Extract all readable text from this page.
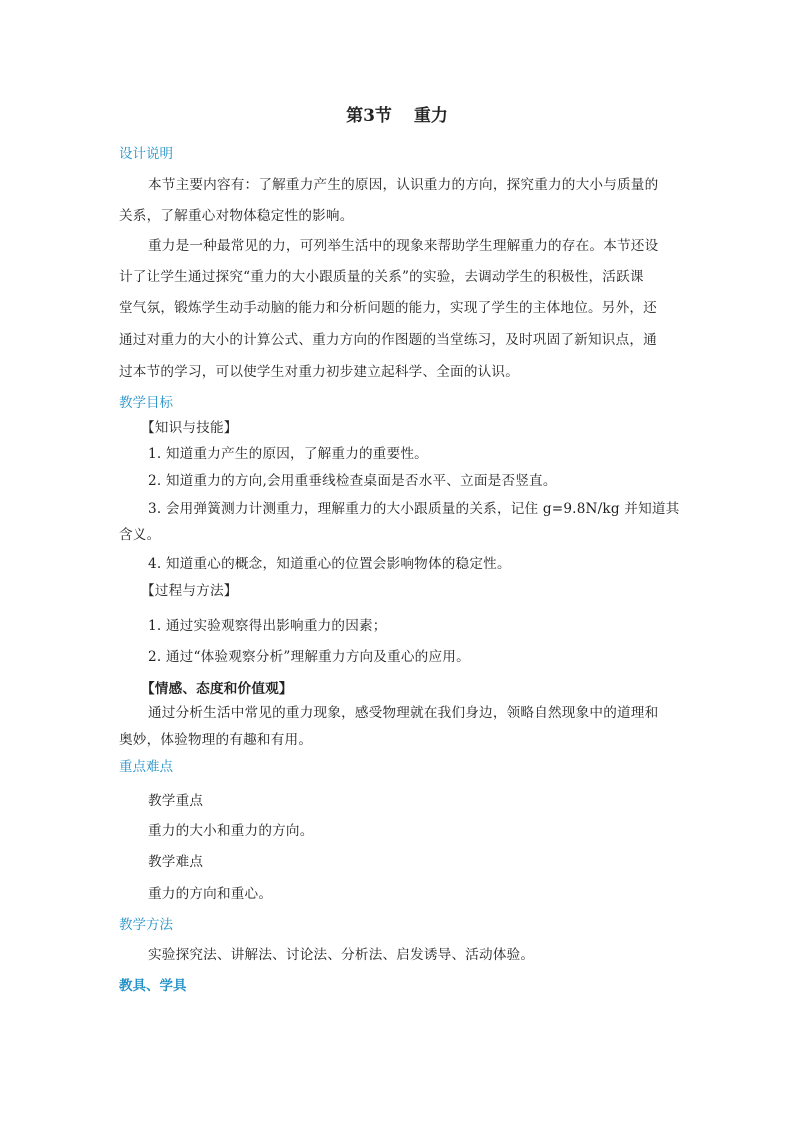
第3节 重力
设计说明
本节主要内容有：了解重力产生的原因，认识重力的方向，探究重力的大小与质量的
关系，了解重心对物体稳定性的影响。
重力是一种最常见的力，可列举生活中的现象来帮助学生理解重力的存在。本节还设
计了让学生通过探究“重力的大小跟质量的关系”的实验，去调动学生的积极性，活跃课
堂气氛，锻炼学生动手动脑的能力和分析问题的能力，实现了学生的主体地位。另外，还
通过对重力的大小的计算公式、重力方向的作图题的当堂练习，及时巩固了新知识点，通
过本节的学习，可以使学生对重力初步建立起科学、全面的认识。
教学目标
【知识与技能】
1. 知道重力产生的原因，了解重力的重要性。
2. 知道重力的方向,会用重垂线检查桌面是否水平、立面是否竖直。
3. 会用弹簧测力计测重力，理解重力的大小跟质量的关系，记住 g=9.8N/kg 并知道其
含义。
4. 知道重心的概念，知道重心的位置会影响物体的稳定性。
【过程与方法】
1. 通过实验观察得出影响重力的因素；
2. 通过“体验观察分析”理解重力方向及重心的应用。
【情感、态度和价值观】
通过分析生活中常见的重力现象，感受物理就在我们身边，领略自然现象中的道理和
奥妙，体验物理的有趣和有用。
重点难点
教学重点
重力的大小和重力的方向。
教学难点
重力的方向和重心。
教学方法
实验探究法、讲解法、讨论法、分析法、启发诱导、活动体验。
教具、学具
